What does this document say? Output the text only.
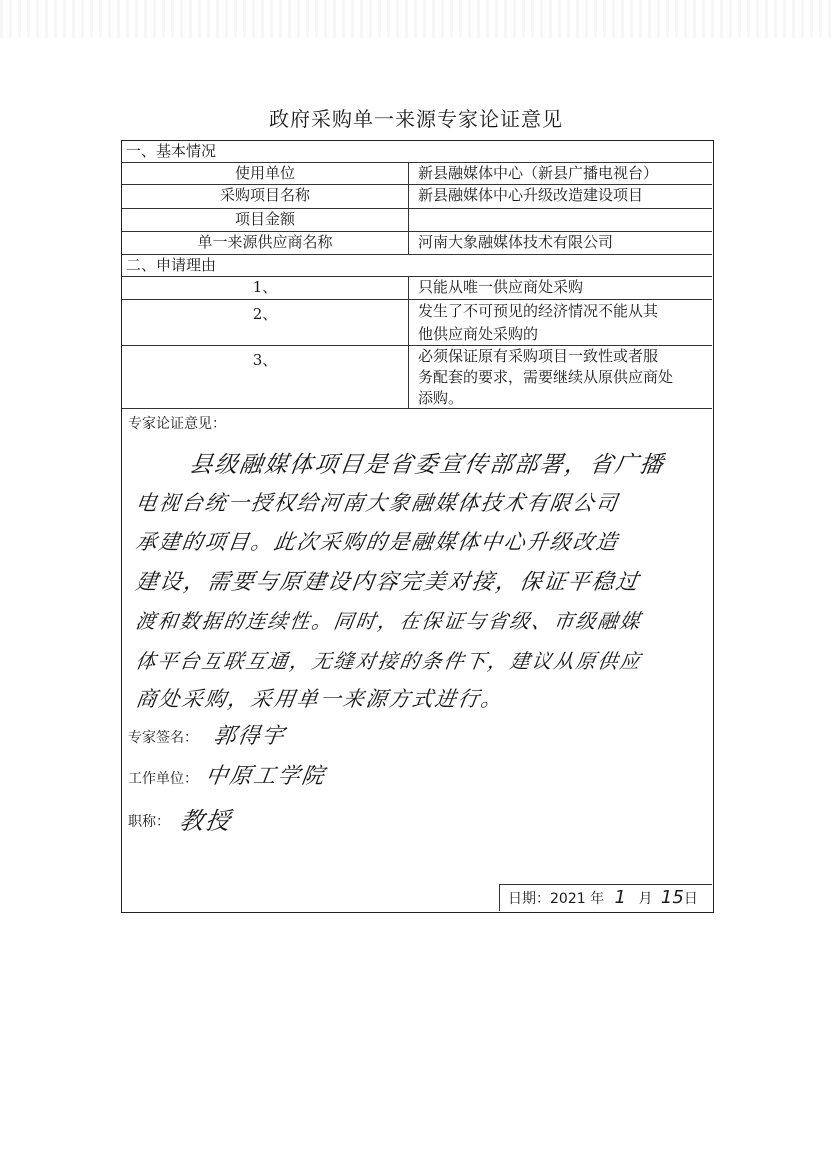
政府采购单一来源专家论证意见
一、基本情况
使用单位	新县融媒体中心（新县广播电视台）
采购项目名称	新县融媒体中心升级改造建设项目
项目金额
单一来源供应商名称	河南大象融媒体技术有限公司
二、申请理由
1、	只能从唯一供应商处采购
2、	发生了不可预见的经济情况不能从其
他供应商处采购的
3、	必须保证原有采购项目一致性或者服
务配套的要求，需要继续从原供应商处
添购。
专家论证意见：
县级融媒体项目是省委宣传部部署，省广播
电视台统一授权给河南大象融媒体技术有限公司
承建的项目。此次采购的是融媒体中心升级改造
建设，需要与原建设内容完美对接，保证平稳过
渡和数据的连续性。同时，在保证与省级、市级融媒
体平台互联互通，无缝对接的条件下，建议从原供应
商处采购，采用单一来源方式进行。
专家签名： 郭得宇
工作单位： 中原工学院
职称： 教授
日期：2021 年 1 月 15日
